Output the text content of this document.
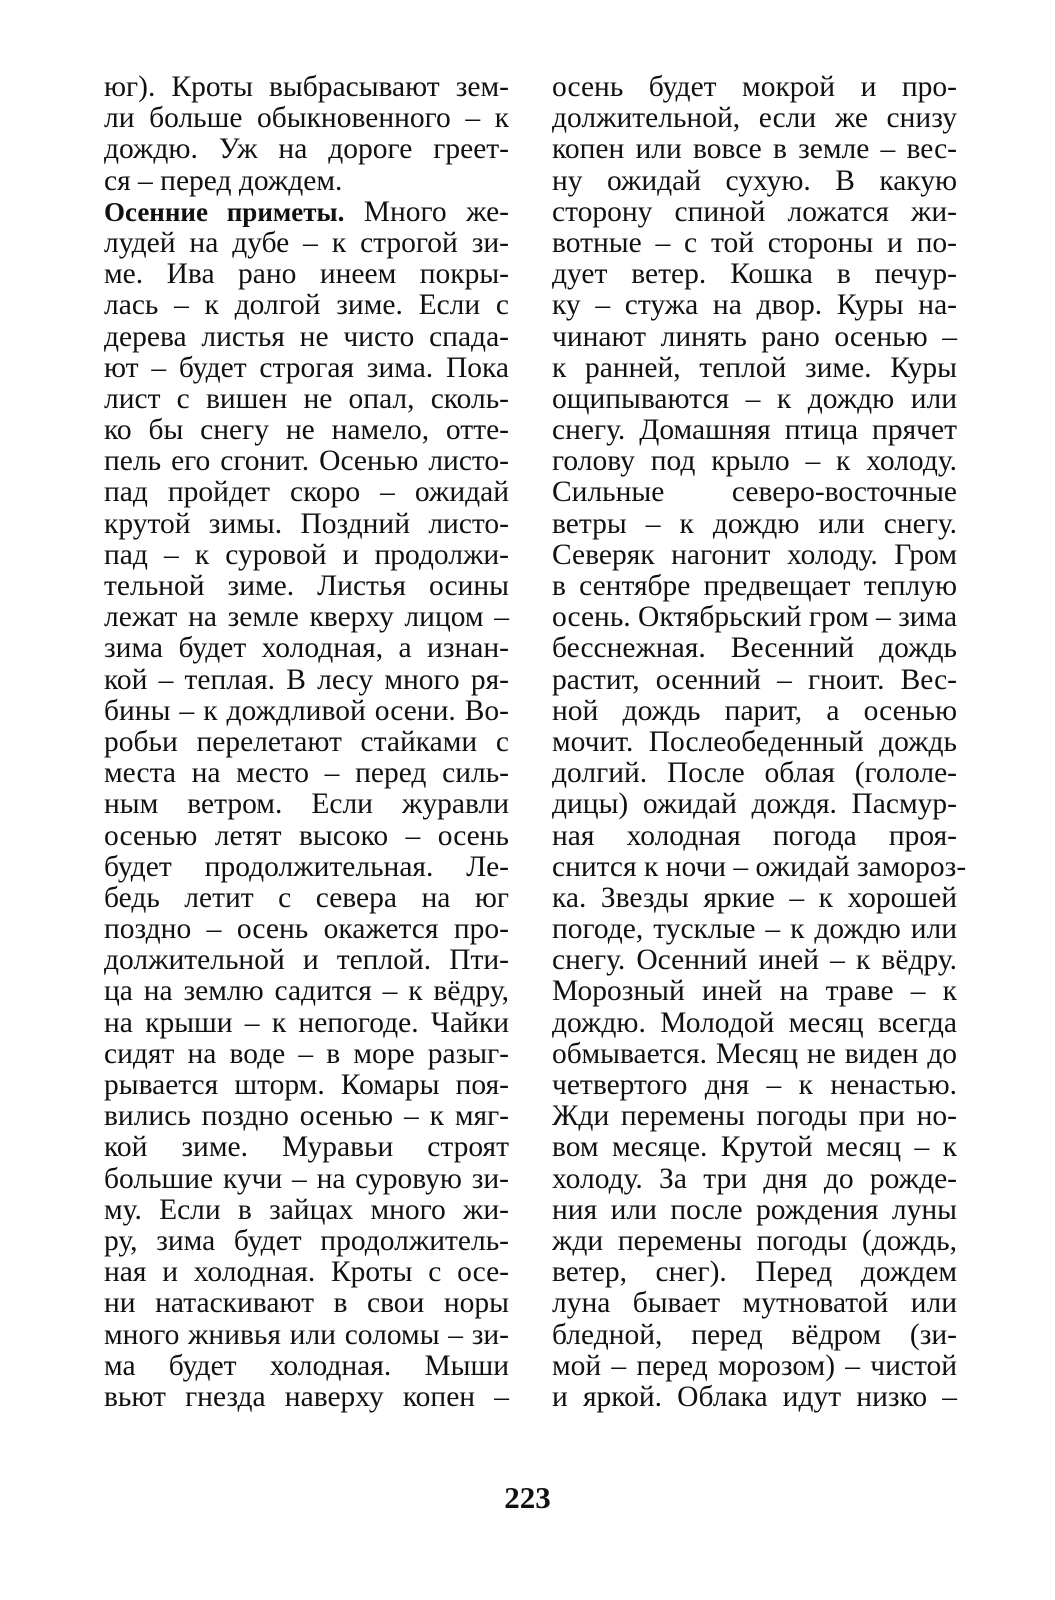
юг). Кроты выбрасывают зем-
ли больше обыкновенного – к
дождю. Уж на дороге греет-
ся – перед дождем.
Осенние приметы. Много же-
лудей на дубе – к строгой зи-
ме. Ива рано инеем покры-
лась – к долгой зиме. Если с
дерева листья не чисто спада-
ют – будет строгая зима. Пока
лист с вишен не опал, сколь-
ко бы снегу не намело, отте-
пель его сгонит. Осенью листо-
пад пройдет скоро – ожидай
крутой зимы. Поздний листо-
пад – к суровой и продолжи-
тельной зиме. Листья осины
лежат на земле кверху лицом –
зима будет холодная, а изнан-
кой – теплая. В лесу много ря-
бины – к дождливой осени. Во-
робьи перелетают стайками с
места на место – перед силь-
ным ветром. Если журавли
осенью летят высоко – осень
будет продолжительная. Ле-
бедь летит с севера на юг
поздно – осень окажется про-
должительной и теплой. Пти-
ца на землю садится – к вёдру,
на крыши – к непогоде. Чайки
сидят на воде – в море разыг-
рывается шторм. Комары поя-
вились поздно осенью – к мяг-
кой зиме. Муравьи строят
большие кучи – на суровую зи-
му. Если в зайцах много жи-
ру, зима будет продолжитель-
ная и холодная. Кроты с осе-
ни натаскивают в свои норы
много жнивья или соломы – зи-
ма будет холодная. Мыши
вьют гнезда наверху копен –
осень будет мокрой и про-
должительной, если же снизу
копен или вовсе в земле – вес-
ну ожидай сухую. В какую
сторону спиной ложатся жи-
вотные – с той стороны и по-
дует ветер. Кошка в печур-
ку – стужа на двор. Куры на-
чинают линять рано осенью –
к ранней, теплой зиме. Куры
ощипываются – к дождю или
снегу. Домашняя птица прячет
голову под крыло – к холоду.
Сильные северо-восточные
ветры – к дождю или снегу.
Северяк нагонит холоду. Гром
в сентябре предвещает теплую
осень. Октябрьский гром – зима
бесснежная. Весенний дождь
растит, осенний – гноит. Вес-
ной дождь парит, а осенью
мочит. Послеобеденный дождь
долгий. После облая (гололе-
дицы) ожидай дождя. Пасмур-
ная холодная погода проя-
снится к ночи – ожидай замороз-
ка. Звезды яркие – к хорошей
погоде, тусклые – к дождю или
снегу. Осенний иней – к вёдру.
Морозный иней на траве – к
дождю. Молодой месяц всегда
обмывается. Месяц не виден до
четвертого дня – к ненастью.
Жди перемены погоды при но-
вом месяце. Крутой месяц – к
холоду. За три дня до рожде-
ния или после рождения луны
жди перемены погоды (дождь,
ветер, снег). Перед дождем
луна бывает мутноватой или
бледной, перед вёдром (зи-
мой – перед морозом) – чистой
и яркой. Облака идут низко –
223
